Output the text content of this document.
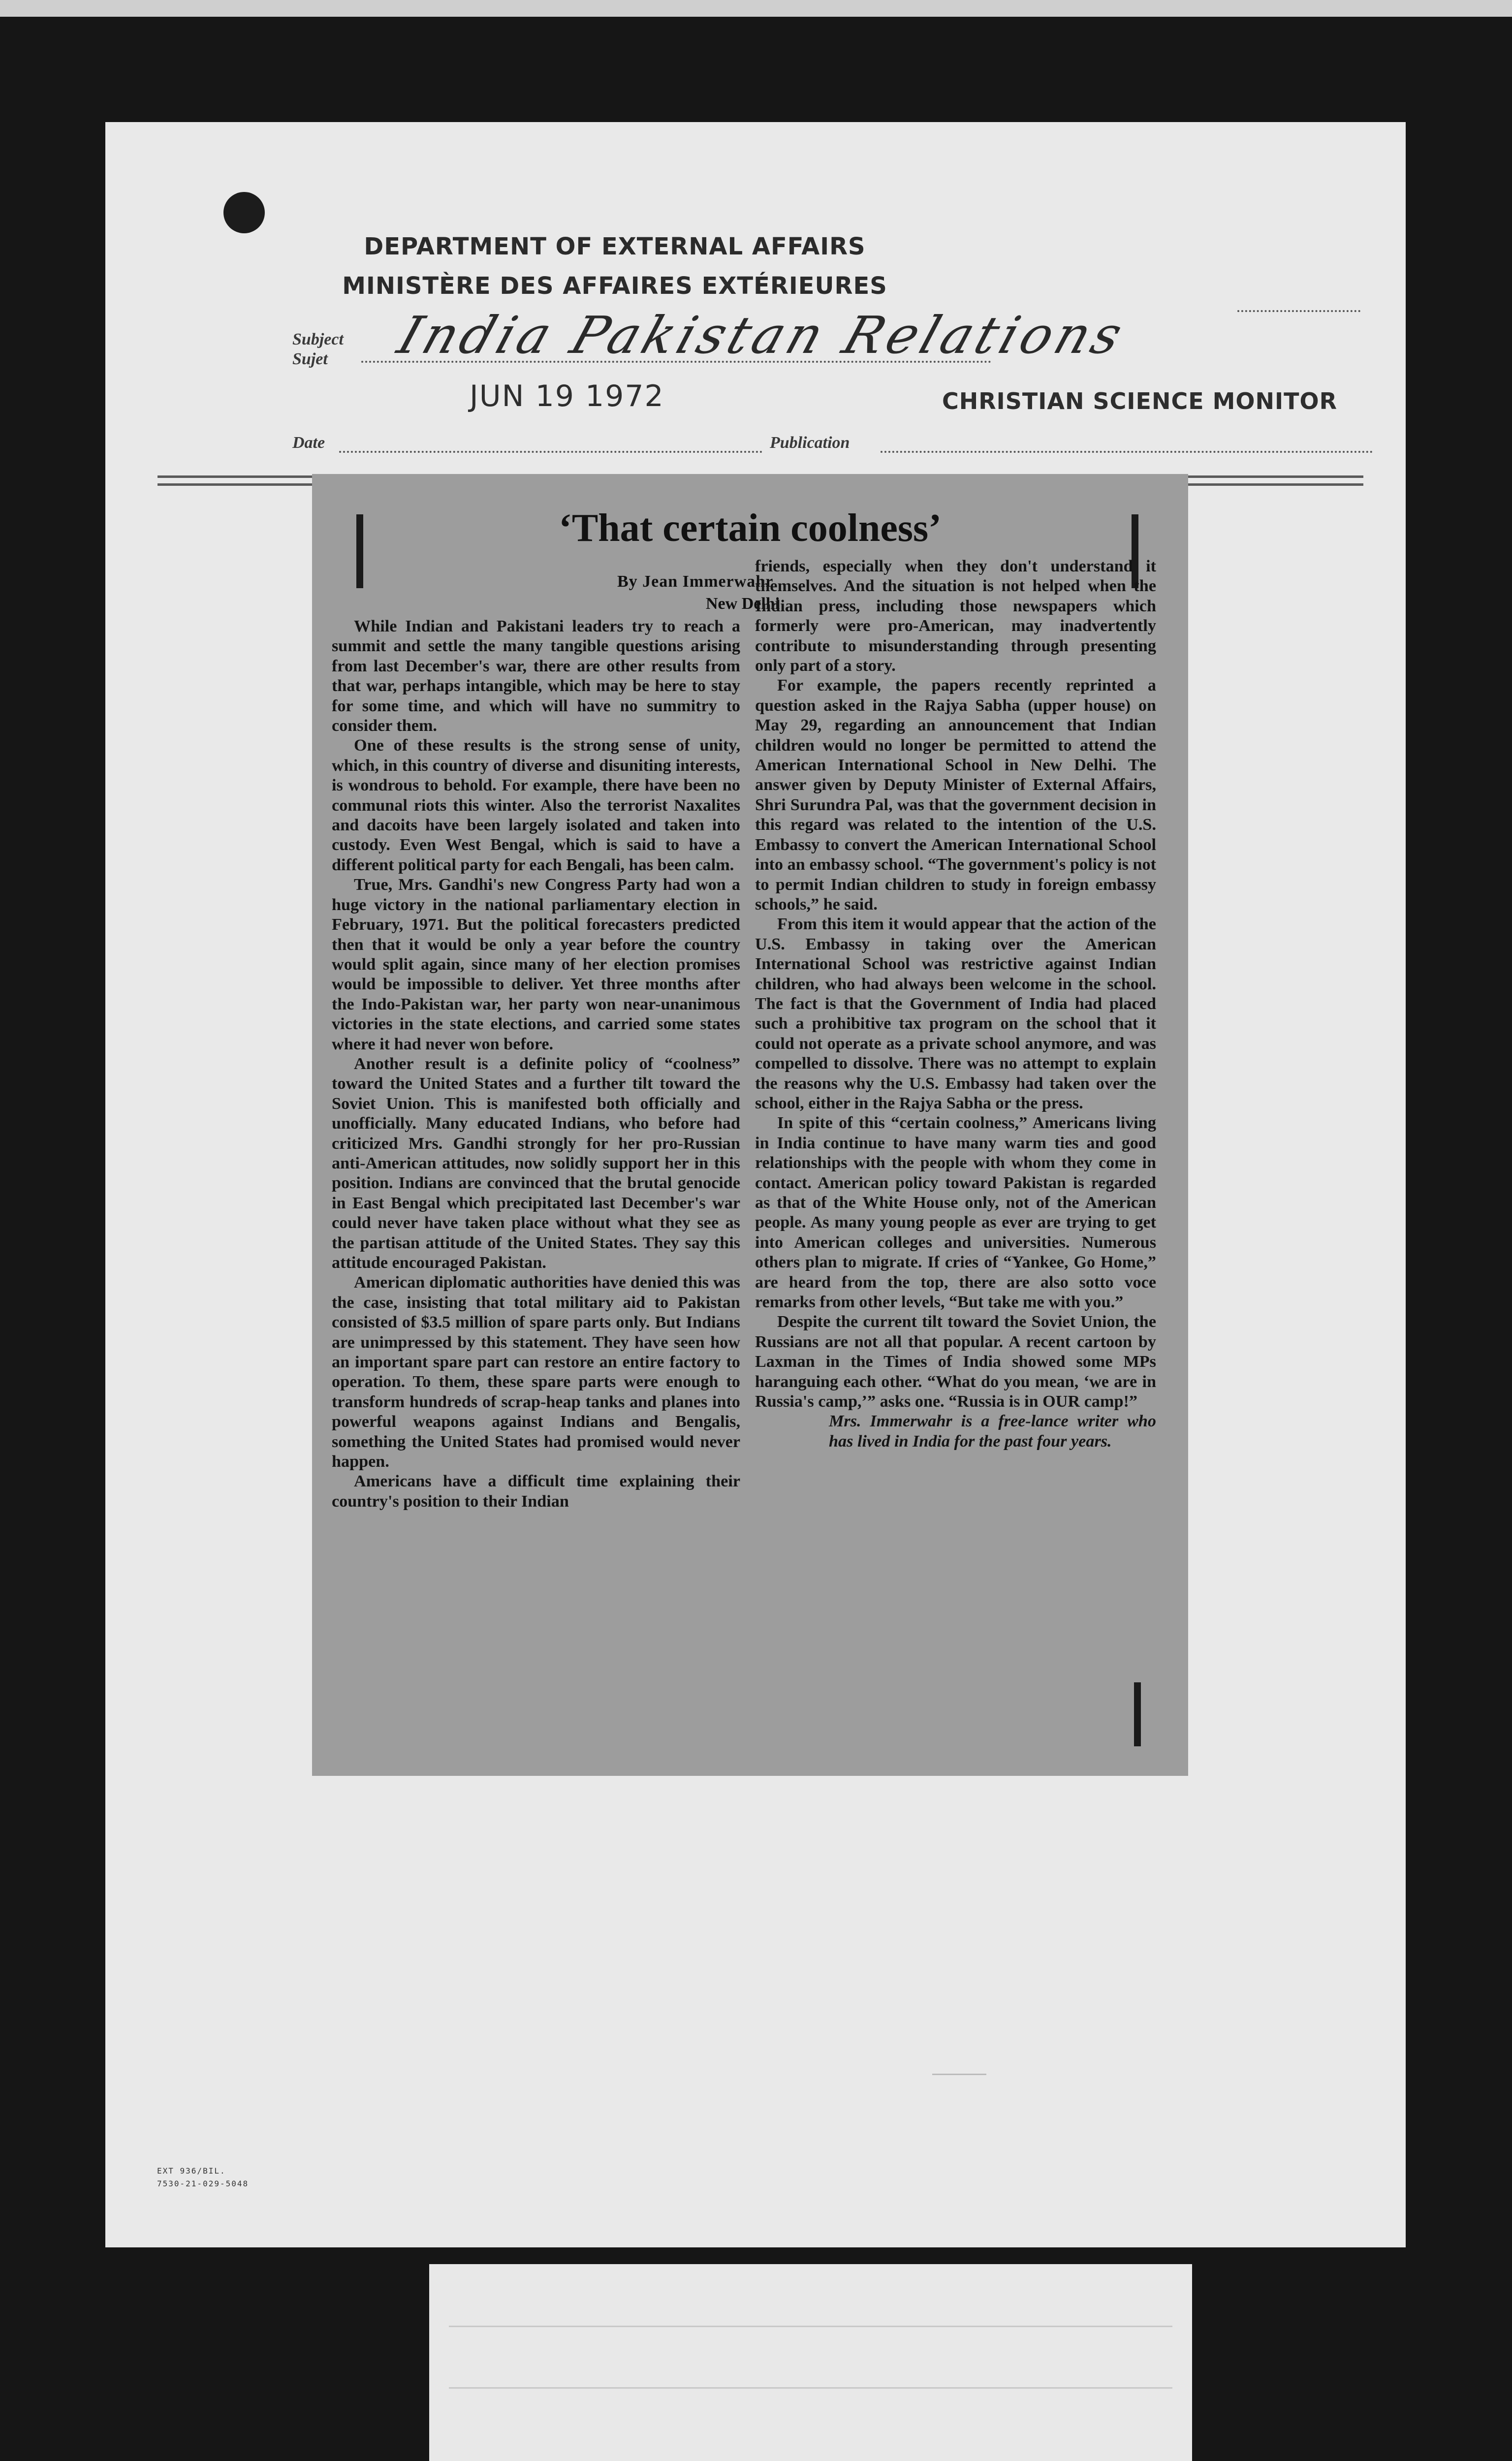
DEPARTMENT OF EXTERNAL AFFAIRS
MINISTÈRE DES AFFAIRES EXTÉRIEURES
Subject
Sujet	India Pakistan Relations
JUN 19 1972	CHRISTIAN SCIENCE MONITOR
Date	Publication
‘That certain coolness’
By Jean Immerwahr
New Delhi

While Indian and Pakistani leaders try to reach a summit and settle the many tangible questions arising from last December's war, there are other results from that war, perhaps intangible, which may be here to stay for some time, and which will have no summitry to consider them.

One of these results is the strong sense of unity, which, in this country of diverse and disuniting interests, is wondrous to behold. For example, there have been no communal riots this winter. Also the terrorist Naxalites and dacoits have been largely isolated and taken into custody. Even West Bengal, which is said to have a different political party for each Bengali, has been calm.

True, Mrs. Gandhi's new Congress Party had won a huge victory in the national parliamentary election in February, 1971. But the political forecasters predicted then that it would be only a year before the country would split again, since many of her election promises would be impossible to deliver. Yet three months after the Indo-Pakistan war, her party won near-unanimous victories in the state elections, and carried some states where it had never won before.

Another result is a definite policy of “coolness” toward the United States and a further tilt toward the Soviet Union. This is manifested both officially and unofficially. Many educated Indians, who before had criticized Mrs. Gandhi strongly for her pro-Russian anti-American attitudes, now solidly support her in this position. Indians are convinced that the brutal genocide in East Bengal which precipitated last December's war could never have taken place without what they see as the partisan attitude of the United States. They say this attitude encouraged Pakistan.

American diplomatic authorities have denied this was the case, insisting that total military aid to Pakistan consisted of $3.5 million of spare parts only. But Indians are unimpressed by this statement. They have seen how an important spare part can restore an entire factory to operation. To them, these spare parts were enough to transform hundreds of scrap-heap tanks and planes into powerful weapons against Indians and Bengalis, something the United States had promised would never happen.

Americans have a difficult time explaining their country's position to their Indian

friends, especially when they don't understand it themselves. And the situation is not helped when the Indian press, including those newspapers which formerly were pro-American, may inadvertently contribute to misunderstanding through presenting only part of a story.

For example, the papers recently reprinted a question asked in the Rajya Sabha (upper house) on May 29, regarding an announcement that Indian children would no longer be permitted to attend the American International School in New Delhi. The answer given by Deputy Minister of External Affairs, Shri Surundra Pal, was that the government decision in this regard was related to the intention of the U.S. Embassy to convert the American International School into an embassy school. “The government's policy is not to permit Indian children to study in foreign embassy schools,” he said.

From this item it would appear that the action of the U.S. Embassy in taking over the American International School was restrictive against Indian children, who had always been welcome in the school. The fact is that the Government of India had placed such a prohibitive tax program on the school that it could not operate as a private school anymore, and was compelled to dissolve. There was no attempt to explain the reasons why the U.S. Embassy had taken over the school, either in the Rajya Sabha or the press.

In spite of this “certain coolness,” Americans living in India continue to have many warm ties and good relationships with the people with whom they come in contact. American policy toward Pakistan is regarded as that of the White House only, not of the American people. As many young people as ever are trying to get into American colleges and universities. Numerous others plan to migrate. If cries of “Yankee, Go Home,” are heard from the top, there are also sotto voce remarks from other levels, “But take me with you.”

Despite the current tilt toward the Soviet Union, the Russians are not all that popular. A recent cartoon by Laxman in the Times of India showed some MPs haranguing each other. “What do you mean, ‘we are in Russia's camp,’” asks one. “Russia is in OUR camp!”

Mrs. Immerwahr is a free-lance writer who has lived in India for the past four years.

EXT 936/BIL.
7530-21-029-5048
